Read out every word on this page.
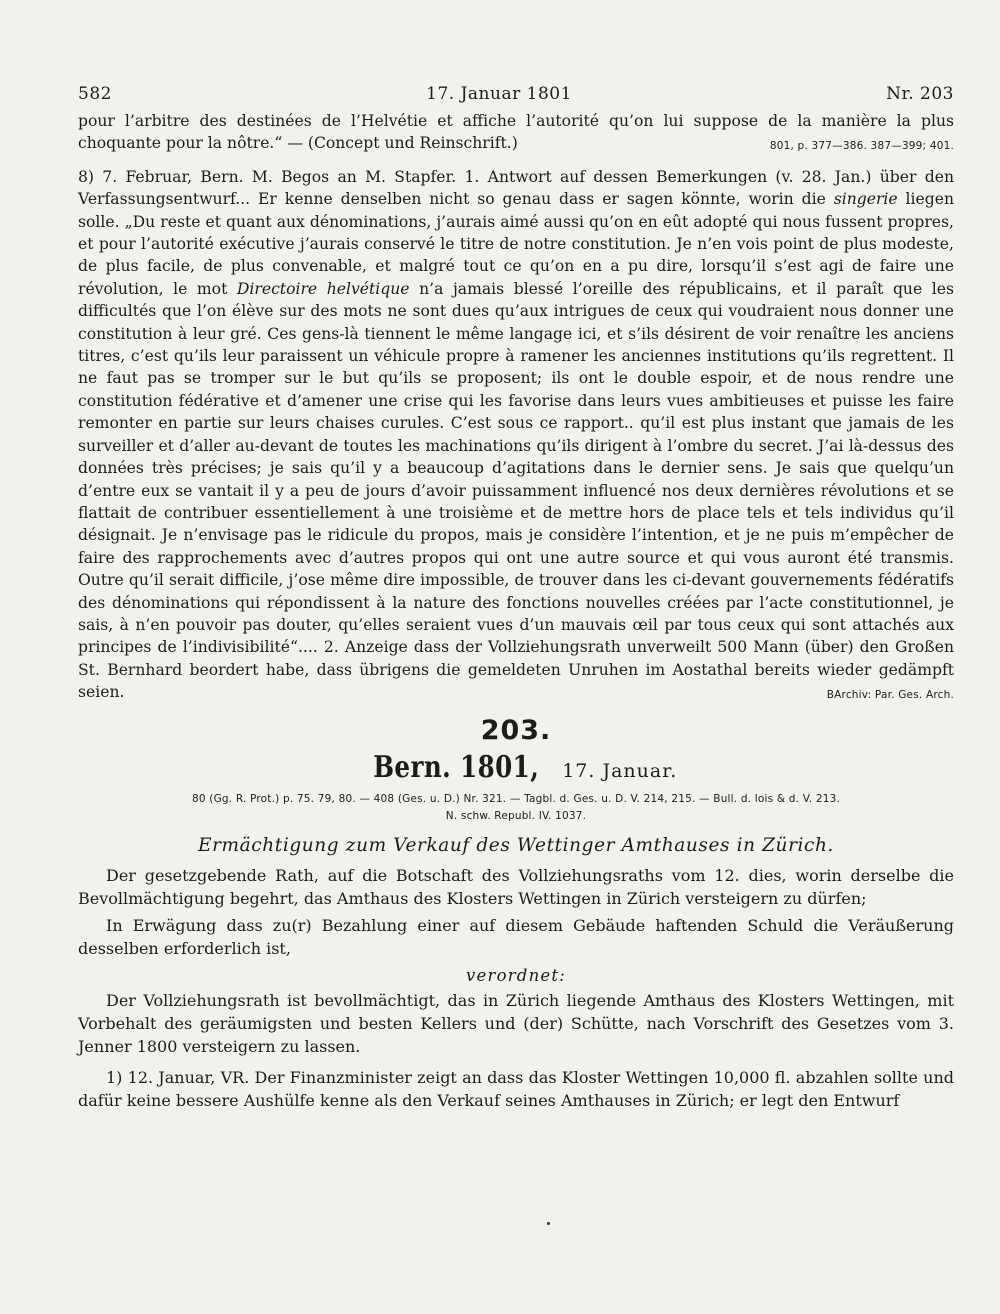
582	17. Januar 1801	Nr. 203

pour l’arbitre des destinées de l’Helvétie et affiche l’autorité qu’on lui suppose de la manière la plus choquante pour la nôtre.“ — (Concept und Reinschrift.)	801, p. 377—386. 387—399; 401.

8) 7. Februar, Bern. M. Begos an M. Stapfer. 1. Antwort auf dessen Bemerkungen (v. 28. Jan.) über den Verfassungsentwurf... Er kenne denselben nicht so genau dass er sagen könnte, worin die singerie liegen solle. „Du reste et quant aux dénominations, j’aurais aimé aussi qu’on en eût adopté qui nous fussent propres, et pour l’autorité exécutive j’aurais conservé le titre de notre constitution. Je n’en vois point de plus modeste, de plus facile, de plus convenable, et malgré tout ce qu’on en a pu dire, lorsqu’il s’est agi de faire une révolution, le mot Directoire helvétique n’a jamais blessé l’oreille des républicains, et il paraît que les difficultés que l’on élève sur des mots ne sont dues qu’aux intrigues de ceux qui voudraient nous donner une constitution à leur gré. Ces gens-là tiennent le même langage ici, et s’ils désirent de voir renaître les anciens titres, c’est qu’ils leur paraissent un véhicule propre à ramener les anciennes institutions qu’ils regrettent. Il ne faut pas se tromper sur le but qu’ils se proposent; ils ont le double espoir, et de nous rendre une constitution fédérative et d’amener une crise qui les favorise dans leurs vues ambitieuses et puisse les faire remonter en partie sur leurs chaises curules. C’est sous ce rapport.. qu’il est plus instant que jamais de les surveiller et d’aller au-devant de toutes les machinations qu’ils dirigent à l’ombre du secret. J’ai là-dessus des données très précises; je sais qu’il y a beaucoup d’agitations dans le dernier sens. Je sais que quelqu’un d’entre eux se vantait il y a peu de jours d’avoir puissamment influencé nos deux dernières révolutions et se flattait de contribuer essentiellement à une troisième et de mettre hors de place tels et tels individus qu’il désignait. Je n’envisage pas le ridicule du propos, mais je considère l’intention, et je ne puis m’empêcher de faire des rapprochements avec d’autres propos qui ont une autre source et qui vous auront été transmis. Outre qu’il serait difficile, j’ose même dire impossible, de trouver dans les ci-devant gouvernements fédératifs des dénominations qui répondissent à la nature des fonctions nouvelles créées par l’acte constitutionnel, je sais, à n’en pouvoir pas douter, qu’elles seraient vues d’un mauvais œil par tous ceux qui sont attachés aux principes de l’indivisibilité“.... 2. Anzeige dass der Vollziehungsrath unverweilt 500 Mann (über) den Großen St. Bernhard beordert habe, dass übrigens die gemeldeten Unruhen im Aostathal bereits wieder gedämpft seien.	BArchiv: Par. Ges. Arch.

203.
Bern. 1801, 17. Januar.
80 (Gg. R. Prot.) p. 75. 79, 80. — 408 (Ges. u. D.) Nr. 321. — Tagbl. d. Ges. u. D. V. 214, 215. — Bull. d. lois & d. V. 213.
N. schw. Republ. IV. 1037.
Ermächtigung zum Verkauf des Wettinger Amthauses in Zürich.

Der gesetzgebende Rath, auf die Botschaft des Vollziehungsraths vom 12. dies, worin derselbe die Bevollmächtigung begehrt, das Amthaus des Klosters Wettingen in Zürich versteigern zu dürfen;

In Erwägung dass zu(r) Bezahlung einer auf diesem Gebäude haftenden Schuld die Veräußerung desselben erforderlich ist,

verordnet:

Der Vollziehungsrath ist bevollmächtigt, das in Zürich liegende Amthaus des Klosters Wettingen, mit Vorbehalt des geräumigsten und besten Kellers und (der) Schütte, nach Vorschrift des Gesetzes vom 3. Jenner 1800 versteigern zu lassen.

1) 12. Januar, VR. Der Finanzminister zeigt an dass das Kloster Wettingen 10,000 fl. abzahlen sollte und dafür keine bessere Aushülfe kenne als den Verkauf seines Amthauses in Zürich; er legt den Entwurf
